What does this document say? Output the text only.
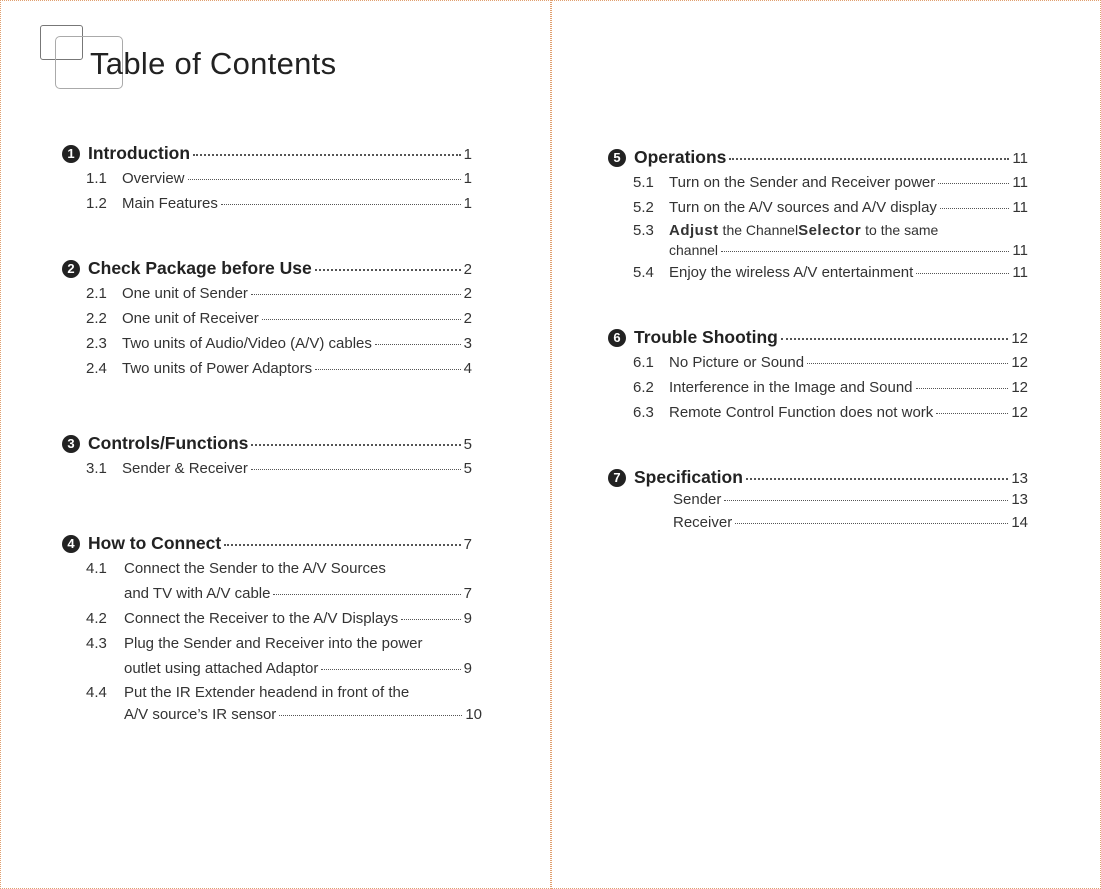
Table of Contents
1 Introduction	1
1.1	Overview	1
1.2	Main Features	1
2 Check Package before Use	2
2.1	One unit of Sender	2
2.2	One unit of Receiver	2
2.3	Two units of Audio/Video (A/V) cables	3
2.4	Two units of Power Adaptors	4
3 Controls/Functions	5
3.1	Sender & Receiver	5
4 How to Connect	7
4.1 Connect the Sender to the A/V Sources
and TV with A/V cable	7
4.2	Connect the Receiver to the A/V Displays	9
4.3 Plug the Sender and Receiver into the power
outlet using attached Adaptor	9
4.4 Put the IR Extender headend in front of the
A/V source’s IR sensor	10
5 Operations	11
5.1	Turn on the Sender and Receiver power	11
5.2	Turn on the A/V sources and A/V display	11
5.3 Adjust the ChannelSelector to the same
channel	11
5.4	Enjoy the wireless A/V entertainment	11
6 Trouble Shooting	12
6.1	No Picture or Sound	12
6.2	Interference in the Image and Sound	12
6.3	Remote Control Function does not work	12
7 Specification	13
Sender	13
Receiver	14
